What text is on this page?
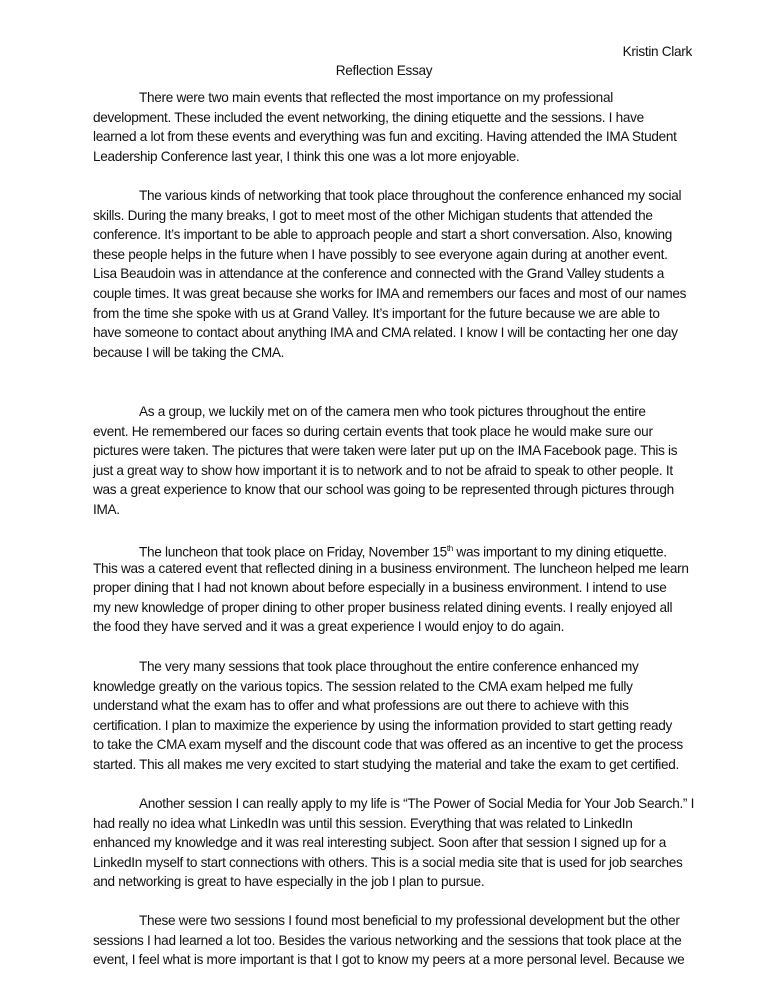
Kristin Clark
Reflection Essay
There were two main events that reflected the most importance on my professional
development. These included the event networking, the dining etiquette and the sessions. I have
learned a lot from these events and everything was fun and exciting. Having attended the IMA Student
Leadership Conference last year, I think this one was a lot more enjoyable.
The various kinds of networking that took place throughout the conference enhanced my social
skills. During the many breaks, I got to meet most of the other Michigan students that attended the
conference. It’s important to be able to approach people and start a short conversation. Also, knowing
these people helps in the future when I have possibly to see everyone again during at another event.
Lisa Beaudoin was in attendance at the conference and connected with the Grand Valley students a
couple times. It was great because she works for IMA and remembers our faces and most of our names
from the time she spoke with us at Grand Valley. It’s important for the future because we are able to
have someone to contact about anything IMA and CMA related. I know I will be contacting her one day
because I will be taking the CMA.
As a group, we luckily met on of the camera men who took pictures throughout the entire
event. He remembered our faces so during certain events that took place he would make sure our
pictures were taken. The pictures that were taken were later put up on the IMA Facebook page. This is
just a great way to show how important it is to network and to not be afraid to speak to other people. It
was a great experience to know that our school was going to be represented through pictures through
IMA.
The luncheon that took place on Friday, November 15th was important to my dining etiquette.
This was a catered event that reflected dining in a business environment. The luncheon helped me learn
proper dining that I had not known about before especially in a business environment. I intend to use
my new knowledge of proper dining to other proper business related dining events. I really enjoyed all
the food they have served and it was a great experience I would enjoy to do again.
The very many sessions that took place throughout the entire conference enhanced my
knowledge greatly on the various topics. The session related to the CMA exam helped me fully
understand what the exam has to offer and what professions are out there to achieve with this
certification. I plan to maximize the experience by using the information provided to start getting ready
to take the CMA exam myself and the discount code that was offered as an incentive to get the process
started. This all makes me very excited to start studying the material and take the exam to get certified.
Another session I can really apply to my life is “The Power of Social Media for Your Job Search.” I
had really no idea what LinkedIn was until this session. Everything that was related to LinkedIn
enhanced my knowledge and it was real interesting subject. Soon after that session I signed up for a
LinkedIn myself to start connections with others. This is a social media site that is used for job searches
and networking is great to have especially in the job I plan to pursue.
These were two sessions I found most beneficial to my professional development but the other
sessions I had learned a lot too. Besides the various networking and the sessions that took place at the
event, I feel what is more important is that I got to know my peers at a more personal level. Because we
